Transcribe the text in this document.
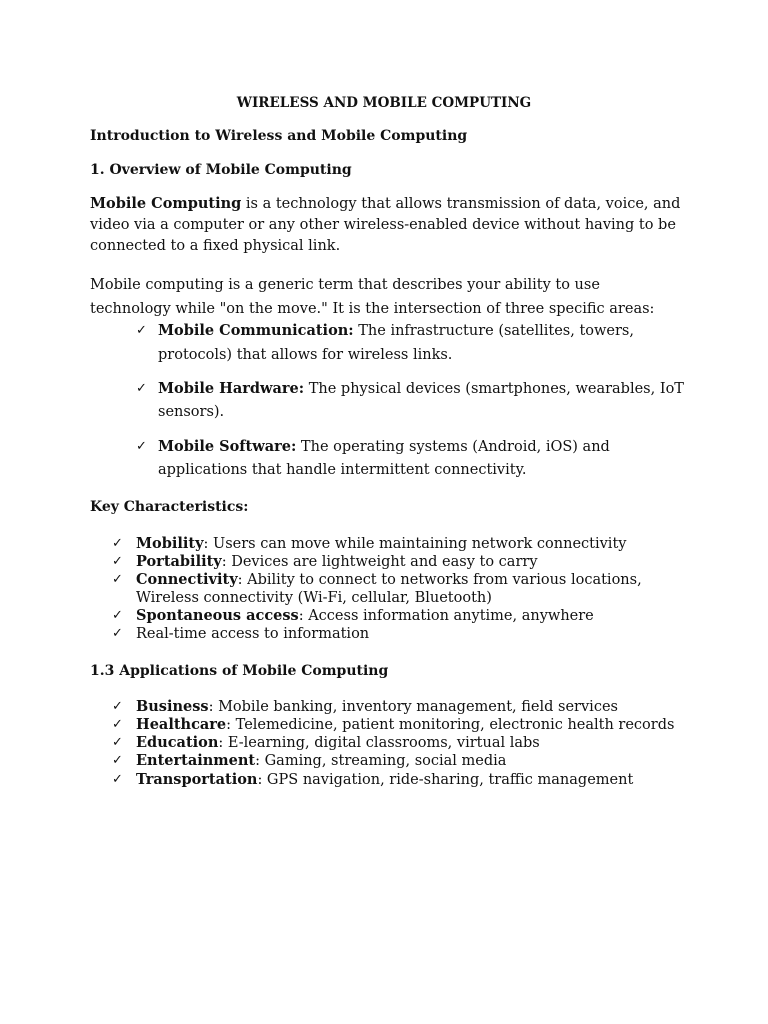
WIRELESS AND MOBILE COMPUTING
Introduction to Wireless and Mobile Computing
1. Overview of Mobile Computing
Mobile Computing is a technology that allows transmission of data, voice, and
video via a computer or any other wireless-enabled device without having to be
connected to a fixed physical link.
Mobile computing is a generic term that describes your ability to use
technology while "on the move." It is the intersection of three specific areas:
✓ Mobile Communication: The infrastructure (satellites, towers,
protocols) that allows for wireless links.
✓ Mobile Hardware: The physical devices (smartphones, wearables, IoT
sensors).
✓ Mobile Software: The operating systems (Android, iOS) and
applications that handle intermittent connectivity.
Key Characteristics:
✓ Mobility: Users can move while maintaining network connectivity
✓ Portability: Devices are lightweight and easy to carry
✓ Connectivity: Ability to connect to networks from various locations,
Wireless connectivity (Wi-Fi, cellular, Bluetooth)
✓ Spontaneous access: Access information anytime, anywhere
✓ Real-time access to information
1.3 Applications of Mobile Computing
✓ Business: Mobile banking, inventory management, field services
✓ Healthcare: Telemedicine, patient monitoring, electronic health records
✓ Education: E-learning, digital classrooms, virtual labs
✓ Entertainment: Gaming, streaming, social media
✓ Transportation: GPS navigation, ride-sharing, traffic management
